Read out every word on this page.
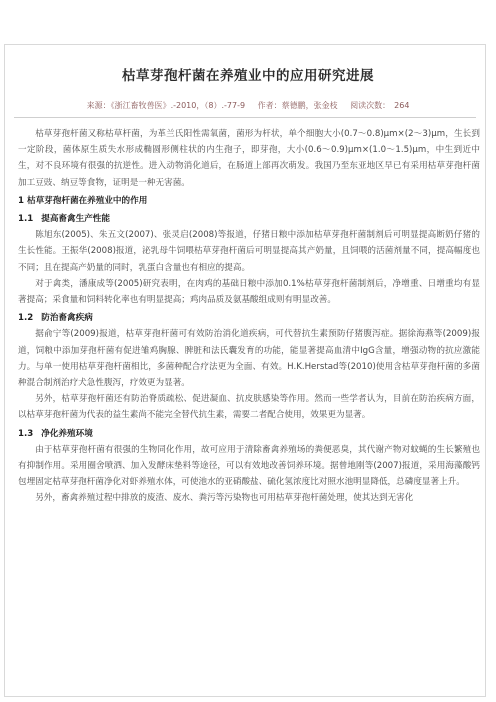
枯草芽孢杆菌在养殖业中的应用研究进展
来源：《浙江畜牧兽医》.-2010，（8）.-77-9 作者：蔡德鹏，张金枝 阅读次数：　264

枯草芽孢杆菌又称枯草杆菌，为革兰氏阳性需氧菌，菌形为杆状，单个细胞大小(0.7～0.8)μm×(2～3)μm，生长到一定阶段，菌体原生质失水形成椭圆形侧柱状的内生孢子，即芽孢，大小(0.6～0.9)μm×(1.0～1.5)μm，中生到近中生，对不良环境有很强的抗逆性。进入动物消化道后，在肠道上部再次萌发。我国乃至东亚地区早已有采用枯草芽孢杆菌加工豆豉、纳豆等食物，证明是一种无害菌。

1 枯草芽孢杆菌在养殖业中的作用

1.1 提高畜禽生产性能

陈旭东(2005)、朱五文(2007)、张灵启(2008)等报道，仔猪日粮中添加枯草芽孢杆菌制剂后可明显提高断奶仔猪的生长性能。王振华(2008)报道，泌乳母牛饲喂枯草芽孢杆菌后可明显提高其产奶量，且饲喂的活菌剂量不同，提高幅度也不同；且在提高产奶量的同时，乳蛋白含量也有相应的提高。

对于禽类，潘康成等(2005)研究表明，在肉鸡的基础日粮中添加0.1%枯草芽孢杆菌制剂后，净增重、日增重均有显著提高；采食量和饲料转化率也有明显提高；鸡肉品质及氨基酸组成则有明显改善。

1.2 防治畜禽疾病

据俞宁等(2009)报道，枯草芽孢杆菌可有效防治消化道疾病，可代替抗生素预防仔猪腹泻症。据徐海燕等(2009)报道，饲粮中添加芽孢杆菌有促进雏鸡胸腺、脾脏和法氏囊发育的功能，能显著提高血清中IgG含量，增强动物的抗应激能力。与单一使用枯草芽孢杆菌相比，多菌种配合疗法更为全面、有效。H.K.Herstad等(2010)使用含枯草芽孢杆菌的多菌种混合制剂治疗犬急性腹泻，疗效更为显著。

另外，枯草芽孢杆菌还有防治脊质疏松、促进凝血、抗皮肤感染等作用。然而一些学者认为，目前在防治疾病方面，以枯草芽孢杆菌为代表的益生素尚不能完全替代抗生素，需要二者配合使用，效果更为显著。

1.3 净化养殖环境

由于枯草芽孢杆菌有很强的生物同化作用，故可应用于清除畜禽养殖场的粪便恶臭，其代谢产物对蚊蝇的生长繁殖也有抑制作用。采用圈舍喷洒、加入发酵床垫料等途径，可以有效地改善饲养环境。据曾地刚等(2007)报道，采用海藻酸钙包埋固定枯草芽孢杆菌净化对虾养殖水体，可使池水的亚硝酸盐、硫化氢浓度比对照水池明显降低，总磷度显著上升。

另外，畜禽养殖过程中排放的废渣、废水、粪污等污染物也可用枯草芽孢杆菌处理，使其达到无害化
